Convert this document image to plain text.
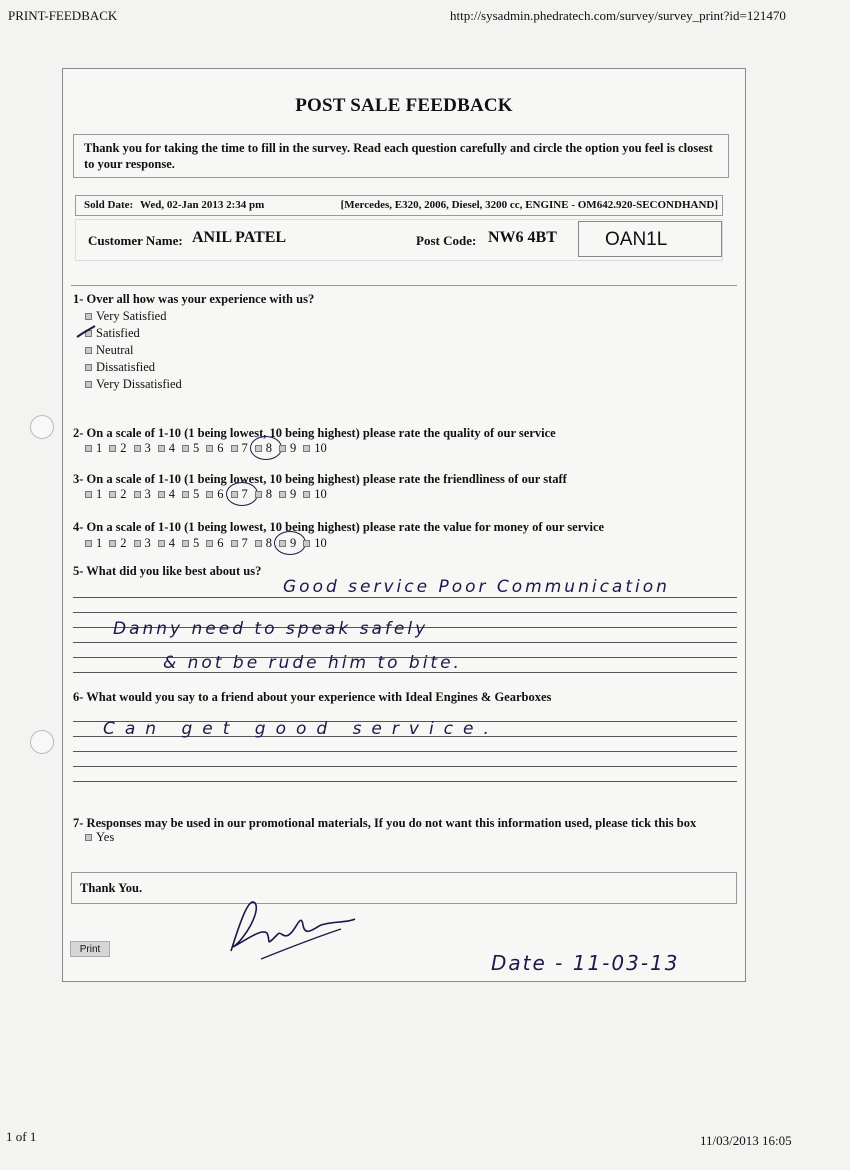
PRINT-FEEDBACK	http://sysadmin.phedratech.com/survey/survey_print?id=121470
1 of 1	11/03/2013 16:05
POST SALE FEEDBACK
Thank you for taking the time to fill in the survey. Read each question carefully and circle the option you feel is closest to your response.
Sold Date: Wed, 02-Jan 2013 2:34 pm	[Mercedes, E320, 2006, Diesel, 3200 cc, ENGINE - OM642.920-SECONDHAND]
Customer Name: ANIL PATEL	Post Code: NW6 4BT	OAN1L
1- Over all how was your experience with us?
Very Satisfied
Satisfied
Neutral
Dissatisfied
Very Dissatisfied
2- On a scale of 1-10 (1 being lowest, 10 being highest) please rate the quality of our service
1 2 3 4 5 6 7 8 9 10
3- On a scale of 1-10 (1 being lowest, 10 being highest) please rate the friendliness of our staff
1 2 3 4 5 6 7 8 9 10
4- On a scale of 1-10 (1 being lowest, 10 being highest) please rate the value for money of our service
1 2 3 4 5 6 7 8 9 10
5- What did you like best about us?
Good service Poor Communication
Danny need to speak safely
& not be rude him to bite.
6- What would you say to a friend about your experience with Ideal Engines & Gearboxes
Can get good service.
7- Responses may be used in our promotional materials, If you do not want this information used, please tick this box
Yes
Thank You.
Print
Date - 11-03-13
